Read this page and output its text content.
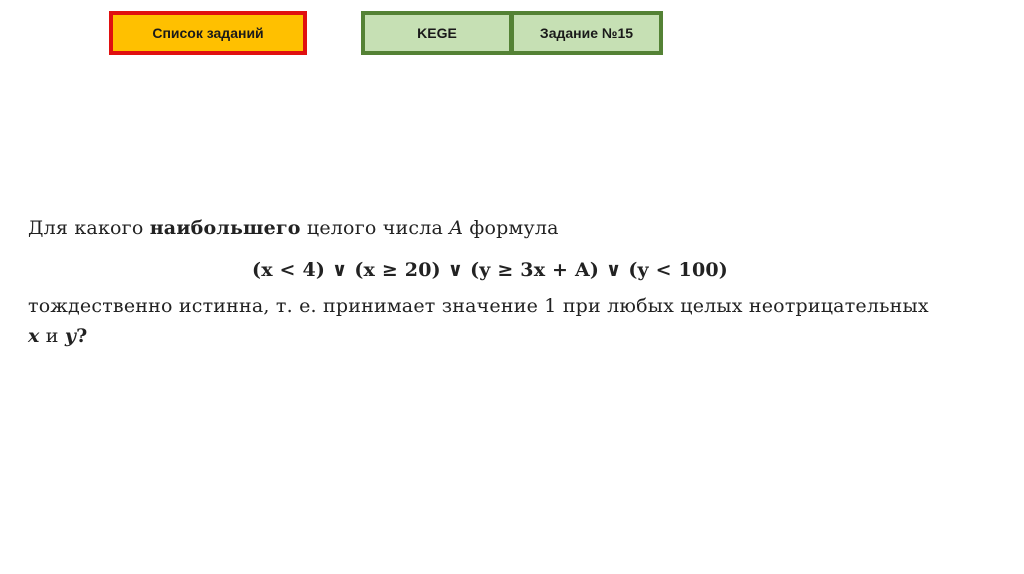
Список заданий	KEGE	Задание №15
Для какого наибольшего целого числа A формула
(x < 4) ∨ (x ≥ 20) ∨ (y ≥ 3x + A) ∨ (y < 100)
тождественно истинна, т. е. принимает значение 1 при любых целых неотрицательных
x и y?
